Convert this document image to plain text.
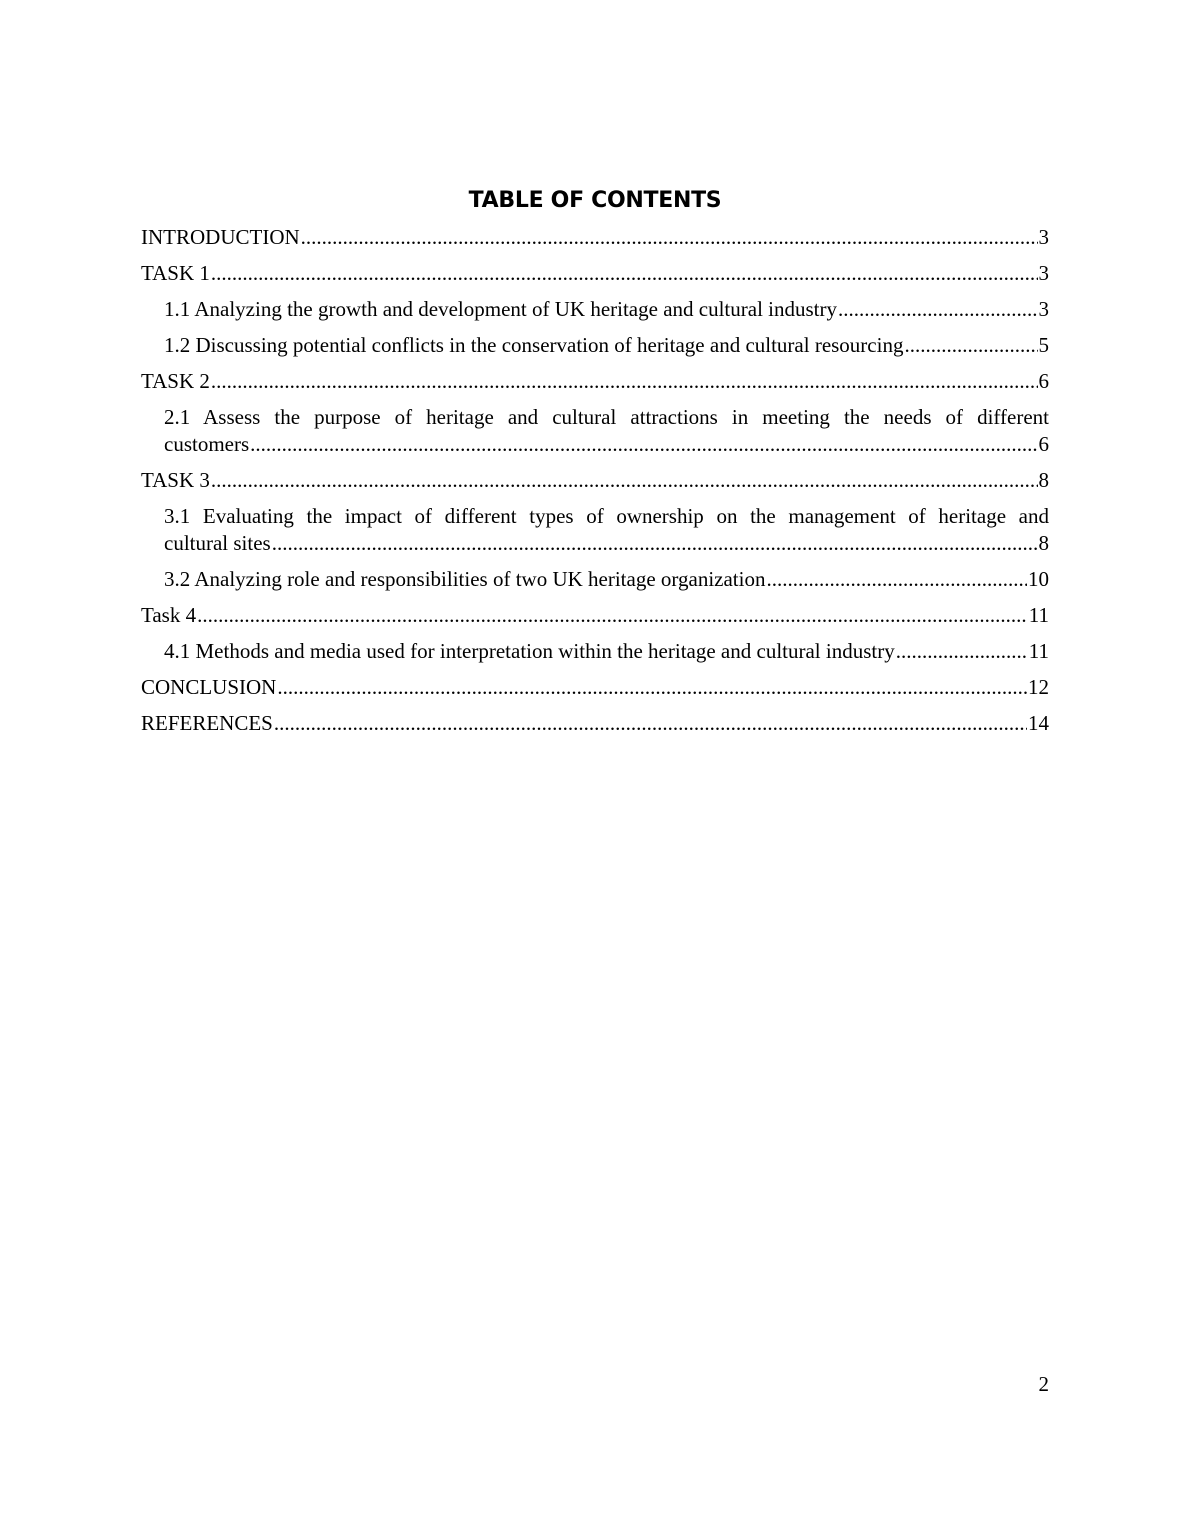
TABLE OF CONTENTS
INTRODUCTION .....	3
TASK 1 .....	3
1.1 Analyzing the growth and development of UK heritage and cultural industry .....	3
1.2 Discussing potential conflicts in the conservation of heritage and cultural resourcing .....	5
TASK 2 .....	6
2.1 Assess the purpose of heritage and cultural attractions in meeting the needs of different
customers .....	6
TASK 3 .....	8
3.1 Evaluating the impact of different types of ownership on the management of heritage and
cultural sites .....	8
3.2 Analyzing role and responsibilities of two UK heritage organization .....	10
Task 4 .....	11
4.1 Methods and media used for interpretation within the heritage and cultural industry .....	11
CONCLUSION .....	12
REFERENCES .....	14
2
